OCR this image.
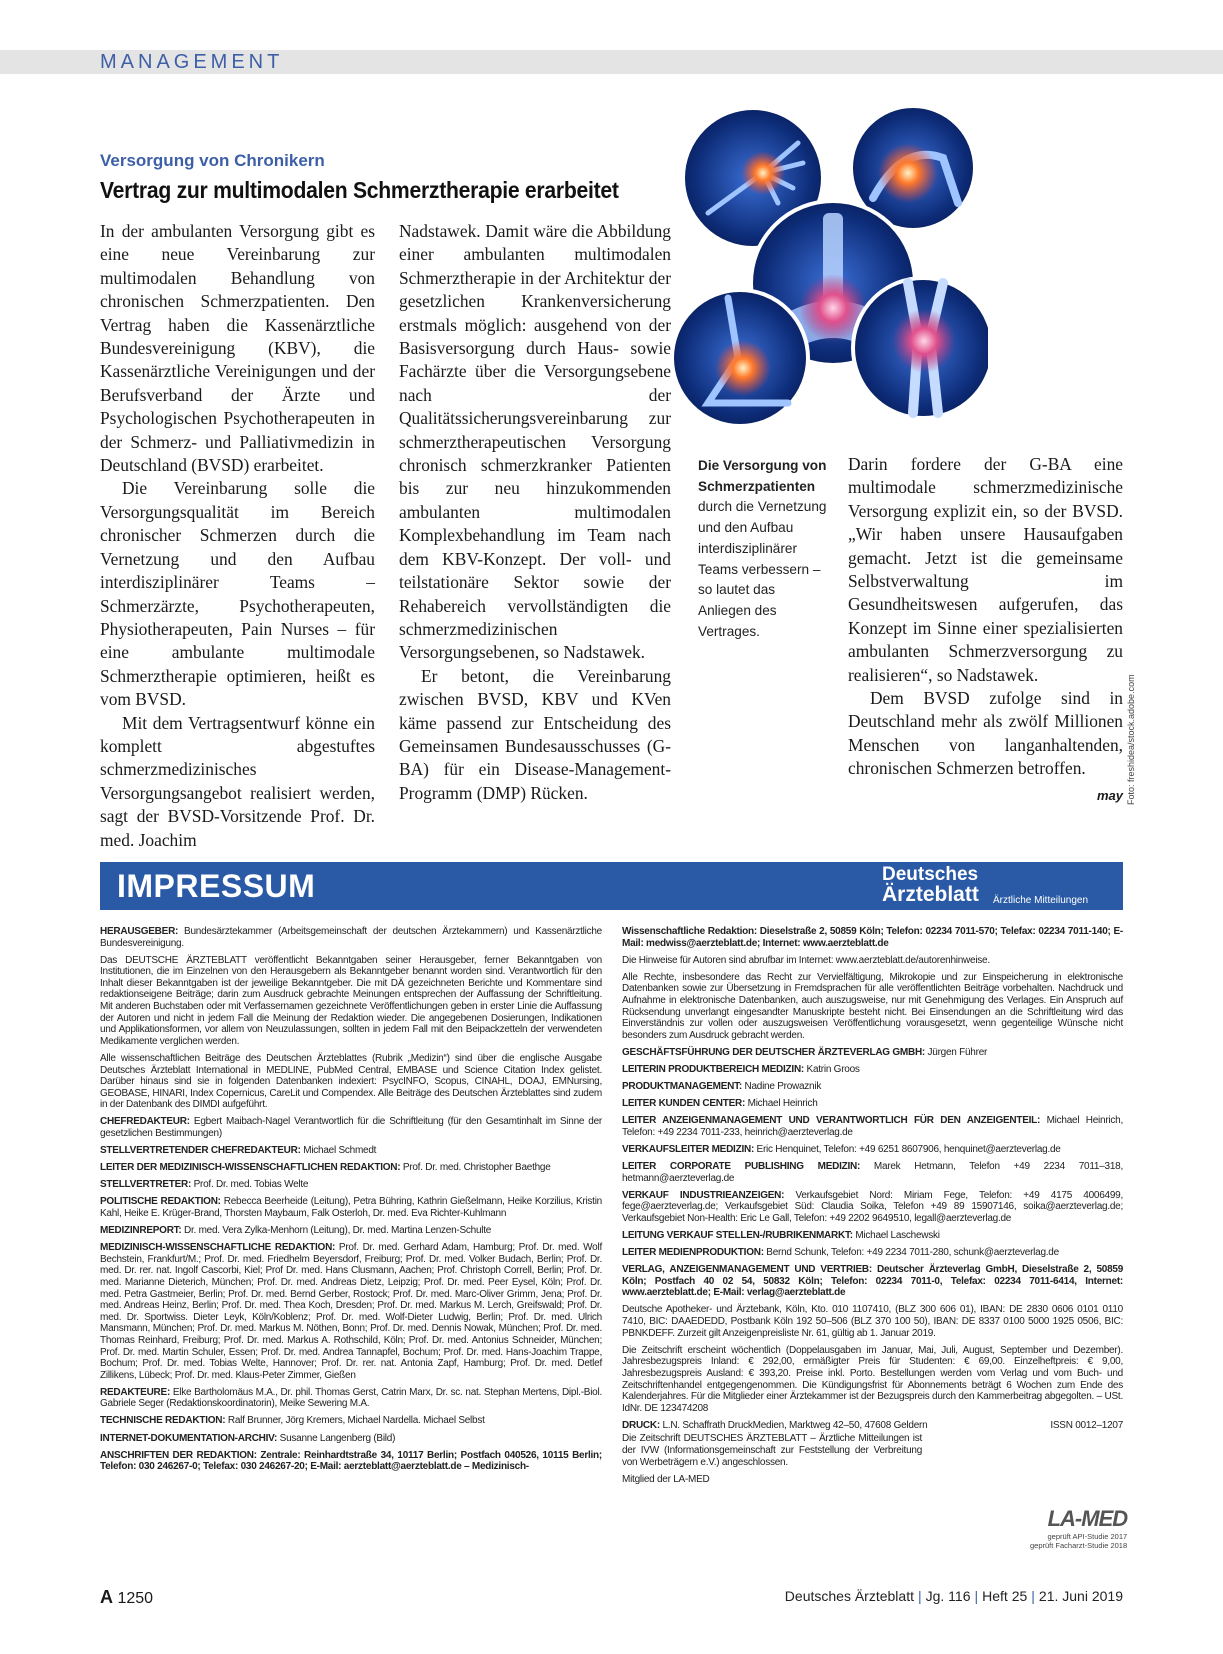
MANAGEMENT
Versorgung von Chronikern
Vertrag zur multimodalen Schmerztherapie erarbeitet

In der ambulanten Versorgung gibt es eine neue Vereinbarung zur multimodalen Behandlung von chronischen Schmerzpatienten. Den Vertrag haben die Kassenärztliche Bundesvereinigung (KBV), die Kassenärztliche Vereinigungen und der Berufsverband der Ärzte und Psychologischen Psychotherapeuten in der Schmerz- und Palliativmedizin in Deutschland (BVSD) erarbeitet.

Die Vereinbarung solle die Versorgungsqualität im Bereich chronischer Schmerzen durch die Vernetzung und den Aufbau interdisziplinärer Teams – Schmerzärzte, Psychotherapeuten, Physiotherapeuten, Pain Nurses – für eine ambulante multimodale Schmerztherapie optimieren, heißt es vom BVSD.

Mit dem Vertragsentwurf könne ein komplett abgestuftes schmerzmedizinisches Versorgungsangebot realisiert werden, sagt der BVSD-Vorsitzende Prof. Dr. med. Joachim

Nadstawek. Damit wäre die Abbildung einer ambulanten multimodalen Schmerztherapie in der Architektur der gesetzlichen Krankenversicherung erstmals möglich: ausgehend von der Basisversorgung durch Haus- sowie Fachärzte über die Versorgungsebene nach der Qualitätssicherungsvereinbarung zur schmerztherapeutischen Versorgung chronisch schmerzkranker Patienten bis zur neu hinzukommenden ambulanten multimodalen Komplexbehandlung im Team nach dem KBV-Konzept. Der voll- und teilstationäre Sektor sowie der Rehabereich vervollständigten die schmerzmedizinischen Versorgungsebenen, so Nadstawek.

Er betont, die Vereinbarung zwischen BVSD, KBV und KVen käme passend zur Entscheidung des Gemeinsamen Bundesausschusses (G-BA) für ein Disease-Management-Programm (DMP) Rücken.

Die Versorgung von Schmerzpatienten durch die Vernetzung und den Aufbau interdisziplinärer Teams verbessern – so lautet das Anliegen des Vertrages.

Darin fordere der G-BA eine multimodale schmerzmedizinische Versorgung explizit ein, so der BVSD. „Wir haben unsere Hausaufgaben gemacht. Jetzt ist die gemeinsame Selbstverwaltung im Gesundheitswesen aufgerufen, das Konzept im Sinne einer spezialisierten ambulanten Schmerzversorgung zu realisieren“, so Nadstawek.

Dem BVSD zufolge sind in Deutschland mehr als zwölf Millionen Menschen von langanhaltenden, chronischen Schmerzen betroffen.
may Foto: freshidea/stock.adobe.com
IMPRESSUM	Deutsches
Ärzteblatt Ärztliche Mitteilungen
HERAUSGEBER: Bundesärztekammer (Arbeitsgemeinschaft der deutschen Ärztekammern) und Kassenärztliche Bundesvereinigung.
Das DEUTSCHE ÄRZTEBLATT veröffentlicht Bekanntgaben seiner Herausgeber, ferner Bekanntgaben von Institutionen, die im Einzelnen von den Herausgebern als Bekanntgeber benannt worden sind. Verantwortlich für den Inhalt dieser Bekanntgaben ist der jeweilige Bekanntgeber. Die mit DÄ gezeichneten Berichte und Kommentare sind redaktionseigene Beiträge; darin zum Ausdruck gebrachte Meinungen entsprechen der Auffassung der Schriftleitung. Mit anderen Buchstaben oder mit Verfassernamen gezeichnete Veröffentlichungen geben in erster Linie die Auffassung der Autoren und nicht in jedem Fall die Meinung der Redaktion wieder. Die angegebenen Dosierungen, Indikationen und Applikationsformen, vor allem von Neuzulassungen, sollten in jedem Fall mit den Beipackzetteln der verwendeten Medikamente verglichen werden.
Alle wissenschaftlichen Beiträge des Deutschen Ärzteblattes (Rubrik „Medizin“) sind über die englische Ausgabe Deutsches Ärzteblatt International in MEDLINE, PubMed Central, EMBASE und Science Citation Index gelistet. Darüber hinaus sind sie in folgenden Datenbanken indexiert: PsycINFO, Scopus, CINAHL, DOAJ, EMNursing, GEOBASE, HINARI, Index Copernicus, CareLit und Compendex. Alle Beiträge des Deutschen Ärzteblattes sind zudem in der Datenbank des DIMDI aufgeführt.
CHEFREDAKTEUR: Egbert Maibach-Nagel Verantwortlich für die Schriftleitung (für den Gesamtinhalt im Sinne der gesetzlichen Bestimmungen)
STELLVERTRETENDER CHEFREDAKTEUR: Michael Schmedt
LEITER DER MEDIZINISCH-WISSENSCHAFTLICHEN REDAKTION: Prof. Dr. med. Christopher Baethge
STELLVERTRETER: Prof. Dr. med. Tobias Welte
POLITISCHE REDAKTION: Rebecca Beerheide (Leitung), Petra Bühring, Kathrin Gießelmann, Heike Korzilius, Kristin Kahl, Heike E. Krüger-Brand, Thorsten Maybaum, Falk Osterloh, Dr. med. Eva Richter-Kuhlmann
MEDIZINREPORT: Dr. med. Vera Zylka-Menhorn (Leitung), Dr. med. Martina Lenzen-Schulte
MEDIZINISCH-WISSENSCHAFTLICHE REDAKTION: Prof. Dr. med. Gerhard Adam, Hamburg; Prof. Dr. med. Wolf Bechstein, Frankfurt/M.; Prof. Dr. med. Friedhelm Beyersdorf, Freiburg; Prof. Dr. med. Volker Budach, Berlin; Prof. Dr. med. Dr. rer. nat. Ingolf Cascorbi, Kiel; Prof Dr. med. Hans Clusmann, Aachen; Prof. Christoph Correll, Berlin; Prof. Dr. med. Marianne Dieterich, München; Prof. Dr. med. Andreas Dietz, Leipzig; Prof. Dr. med. Peer Eysel, Köln; Prof. Dr. med. Petra Gastmeier, Berlin; Prof. Dr. med. Bernd Gerber, Rostock; Prof. Dr. med. Marc-Oliver Grimm, Jena; Prof. Dr. med. Andreas Heinz, Berlin; Prof. Dr. med. Thea Koch, Dresden; Prof. Dr. med. Markus M. Lerch, Greifswald; Prof. Dr. med. Dr. Sportwiss. Dieter Leyk, Köln/Koblenz; Prof. Dr. med. Wolf-Dieter Ludwig, Berlin; Prof. Dr. med. Ulrich Mansmann, München; Prof. Dr. med. Markus M. Nöthen, Bonn; Prof. Dr. med. Dennis Nowak, München; Prof. Dr. med. Thomas Reinhard, Freiburg; Prof. Dr. med. Markus A. Rothschild, Köln; Prof. Dr. med. Antonius Schneider, München; Prof. Dr. med. Martin Schuler, Essen; Prof. Dr. med. Andrea Tannapfel, Bochum; Prof. Dr. med. Hans-Joachim Trappe, Bochum; Prof. Dr. med. Tobias Welte, Hannover; Prof. Dr. rer. nat. Antonia Zapf, Hamburg; Prof. Dr. med. Detlef Zillikens, Lübeck; Prof. Dr. med. Klaus-Peter Zimmer, Gießen
REDAKTEURE: Elke Bartholomäus M.A., Dr. phil. Thomas Gerst, Catrin Marx, Dr. sc. nat. Stephan Mertens, Dipl.-Biol. Gabriele Seger (Redaktionskoordinatorin), Meike Sewering M.A.
TECHNISCHE REDAKTION: Ralf Brunner, Jörg Kremers, Michael Nardella. Michael Selbst
INTERNET-DOKUMENTATION-ARCHIV: Susanne Langenberg (Bild)
ANSCHRIFTEN DER REDAKTION: Zentrale: Reinhardtstraße 34, 10117 Berlin; Postfach 040526, 10115 Berlin; Telefon: 030 246267-0; Telefax: 030 246267-20; E-Mail: aerzteblatt@aerzteblatt.de – Medizinisch-
Wissenschaftliche Redaktion: Dieselstraße 2, 50859 Köln; Telefon: 02234 7011-570; Telefax: 02234 7011-140; E-Mail: medwiss@aerzteblatt.de; Internet: www.aerzteblatt.de
Die Hinweise für Autoren sind abrufbar im Internet: www.aerzteblatt.de/autorenhinweise.
Alle Rechte, insbesondere das Recht zur Vervielfältigung, Mikrokopie und zur Einspeicherung in elektronische Datenbanken sowie zur Übersetzung in Fremdsprachen für alle veröffentlichten Beiträge vorbehalten. Nachdruck und Aufnahme in elektronische Datenbanken, auch auszugsweise, nur mit Genehmigung des Verlages. Ein Anspruch auf Rücksendung unverlangt eingesandter Manuskripte besteht nicht. Bei Einsendungen an die Schriftleitung wird das Einverständnis zur vollen oder auszugsweisen Veröffentlichung vorausgesetzt, wenn gegenteilige Wünsche nicht besonders zum Ausdruck gebracht werden.
GESCHÄFTSFÜHRUNG DER DEUTSCHER ÄRZTEVERLAG GMBH: Jürgen Führer
LEITERIN PRODUKTBEREICH MEDIZIN: Katrin Groos
PRODUKTMANAGEMENT: Nadine Prowaznik
LEITER KUNDEN CENTER: Michael Heinrich
LEITER ANZEIGENMANAGEMENT UND VERANTWORTLICH FÜR DEN ANZEIGENTEIL: Michael Heinrich, Telefon: +49 2234 7011-233, heinrich@aerzteverlag.de
VERKAUFSLEITER MEDIZIN: Eric Henquinet, Telefon: +49 6251 8607906, henquinet@aerzteverlag.de
LEITER CORPORATE PUBLISHING MEDIZIN: Marek Hetmann, Telefon +49 2234 7011–318, hetmann@aerzteverlag.de
VERKAUF INDUSTRIEANZEIGEN: Verkaufsgebiet Nord: Miriam Fege, Telefon: +49 4175 4006499, fege@aerzteverlag.de; Verkaufsgebiet Süd: Claudia Soika, Telefon +49 89 15907146, soika@aerzteverlag.de; Verkaufsgebiet Non-Health: Eric Le Gall, Telefon: +49 2202 9649510, legall@aerzteverlag.de
LEITUNG VERKAUF STELLEN-/RUBRIKENMARKT: Michael Laschewski
LEITER MEDIENPRODUKTION: Bernd Schunk, Telefon: +49 2234 7011-280, schunk@aerzteverlag.de
VERLAG, ANZEIGENMANAGEMENT UND VERTRIEB: Deutscher Ärzteverlag GmbH, Dieselstraße 2, 50859 Köln; Postfach 40 02 54, 50832 Köln; Telefon: 02234 7011-0, Telefax: 02234 7011-6414, Internet: www.aerzteblatt.de; E-Mail: verlag@aerzteblatt.de
Deutsche Apotheker- und Ärztebank, Köln, Kto. 010 1107410, (BLZ 300 606 01), IBAN: DE 2830 0606 0101 0110 7410, BIC: DAAEDEDD, Postbank Köln 192 50–506 (BLZ 370 100 50), IBAN: DE 8337 0100 5000 1925 0506, BIC: PBNKDEFF. Zurzeit gilt Anzeigenpreisliste Nr. 61, gültig ab 1. Januar 2019.
Die Zeitschrift erscheint wöchentlich (Doppelausgaben im Januar, Mai, Juli, August, September und Dezember). Jahresbezugspreis Inland: € 292,00, ermäßigter Preis für Studenten: € 69,00. Einzelheftpreis: € 9,00, Jahresbezugspreis Ausland: € 393,20. Preise inkl. Porto. Bestellungen werden vom Verlag und vom Buch- und Zeitschriftenhandel entgegengenommen. Die Kündigungsfrist für Abonnements beträgt 6 Wochen zum Ende des Kalenderjahres. Für die Mitglieder einer Ärztekammer ist der Bezugspreis durch den Kammerbeitrag abgegolten. – USt. IdNr. DE 123474208
DRUCK: L.N. Schaffrath DruckMedien, Marktweg 42–50, 47608 Geldern	ISSN 0012–1207
Die Zeitschrift DEUTSCHES ÄRZTEBLATT – Ärztliche Mitteilungen ist der IVW (Informationsgemeinschaft zur Feststellung der Verbreitung von Werbeträgern e.V.) angeschlossen.
Mitglied der LA-MED
LA-MED
geprüft API-Studie 2017
geprüft Facharzt-Studie 2018
A 1250	Deutsches Ärzteblatt | Jg. 116 | Heft 25 | 21. Juni 2019
